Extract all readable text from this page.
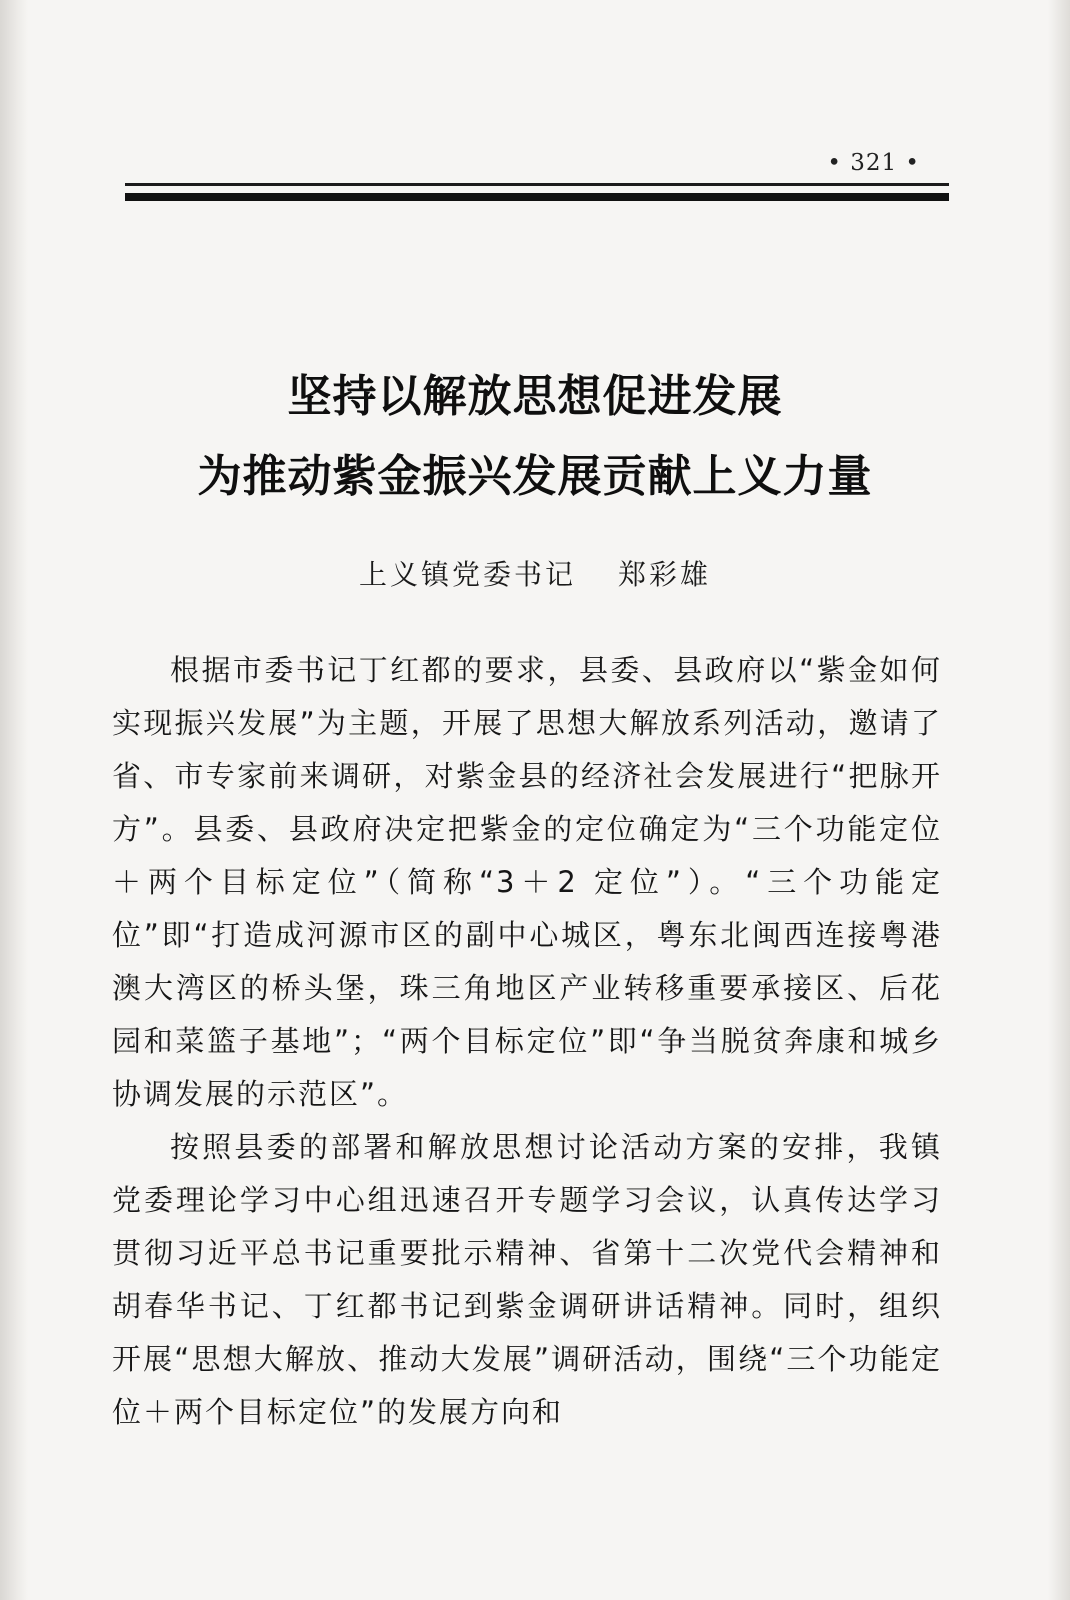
• 321 •
坚持以解放思想促进发展
为推动紫金振兴发展贡献上义力量
上义镇党委书记 郑彩雄

根据市委书记丁红都的要求，县委、县政府以“紫金如何实现振兴发展”为主题，开展了思想大解放系列活动，邀请了省、市专家前来调研，对紫金县的经济社会发展进行“把脉开方”。县委、县政府决定把紫金的定位确定为“三个功能定位＋两个目标定位”（简称“3＋2 定位”）。“三个功能定位”即“打造成河源市区的副中心城区，粤东北闽西连接粤港澳大湾区的桥头堡，珠三角地区产业转移重要承接区、后花园和菜篮子基地”；“两个目标定位”即“争当脱贫奔康和城乡协调发展的示范区”。

按照县委的部署和解放思想讨论活动方案的安排，我镇党委理论学习中心组迅速召开专题学习会议，认真传达学习贯彻习近平总书记重要批示精神、省第十二次党代会精神和胡春华书记、丁红都书记到紫金调研讲话精神。同时，组织开展“思想大解放、推动大发展”调研活动，围绕“三个功能定位＋两个目标定位”的发展方向和
